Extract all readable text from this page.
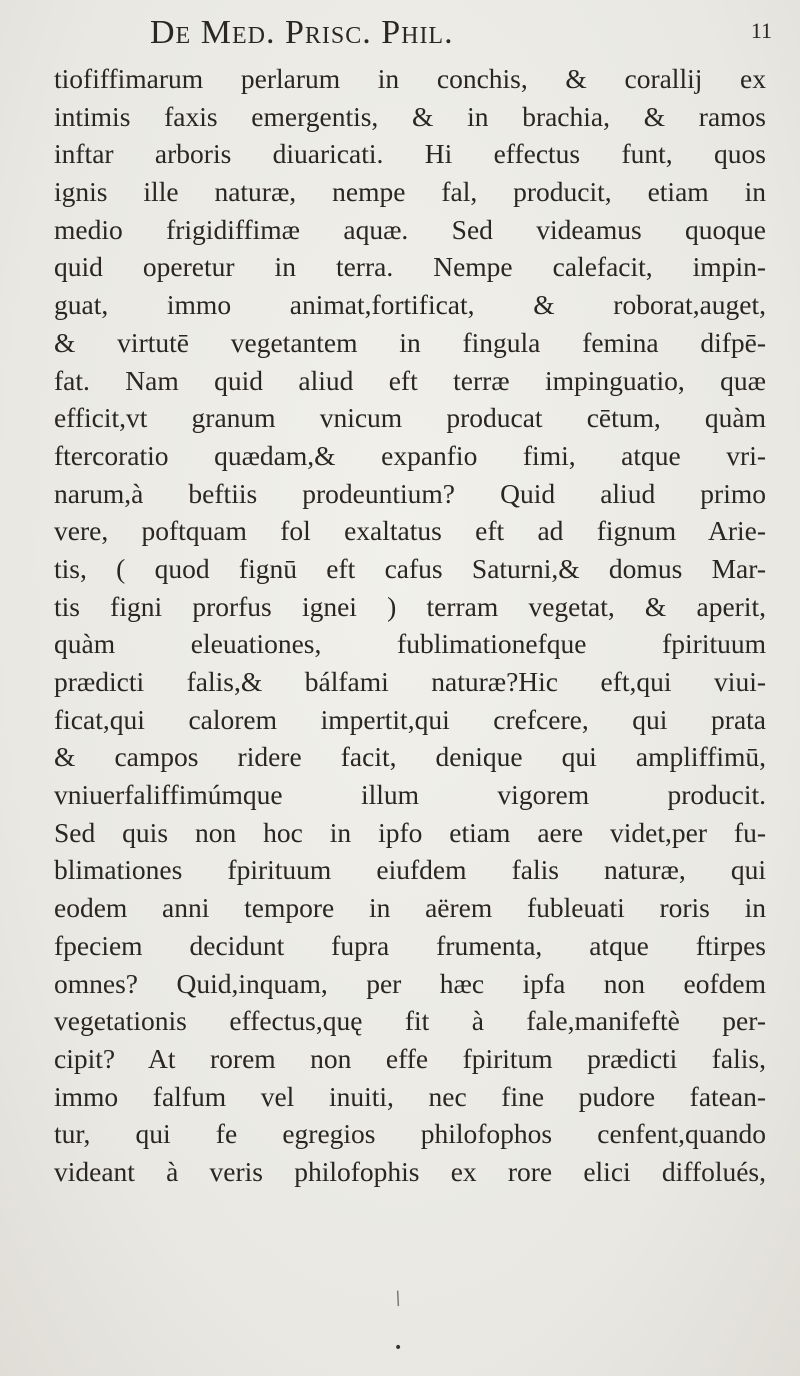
De Med. Prisc. Phil.	11
tiofiffimarum perlarum in conchis, & corallij ex
intimis faxis emergentis, & in brachia, & ramos
inftar arboris diuaricati. Hi effectus funt, quos
ignis ille naturæ, nempe fal, producit, etiam in
medio frigidiffimæ aquæ. Sed videamus quoque
quid operetur in terra. Nempe calefacit, impin-
guat, immo animat,fortificat, & roborat,auget,
& virtutē vegetantem in fingula femina difpē-
fat. Nam quid aliud eft terræ impinguatio, quæ
efficit,vt granum vnicum producat cētum, quàm
ftercoratio quædam,& expanfio fimi, atque vri-
narum,à beftiis prodeuntium? Quid aliud primo
vere, poftquam fol exaltatus eft ad fignum Arie-
tis, ( quod fignū eft cafus Saturni,& domus Mar-
tis figni prorfus ignei ) terram vegetat, & aperit,
quàm eleuationes, fublimationefque fpirituum
prædicti falis,& bálfami naturæ?Hic eft,qui viui-
ficat,qui calorem impertit,qui crefcere, qui prata
& campos ridere facit, denique qui ampliffimū,
vniuerfaliffimúmque illum vigorem producit.
Sed quis non hoc in ipfo etiam aere videt,per fu-
blimationes fpirituum eiufdem falis naturæ, qui
eodem anni tempore in aërem fubleuati roris in
fpeciem decidunt fupra frumenta, atque ftirpes
omnes? Quid,inquam, per hæc ipfa non eofdem
vegetationis effectus,quę fit à fale,manifeftè per-
cipit? At rorem non effe fpiritum prædicti falis,
immo falfum vel inuiti, nec fine pudore fatean-
tur, qui fe egregios philofophos cenfent,quando
videant à veris philofophis ex rore elici diffolués,
/
•
